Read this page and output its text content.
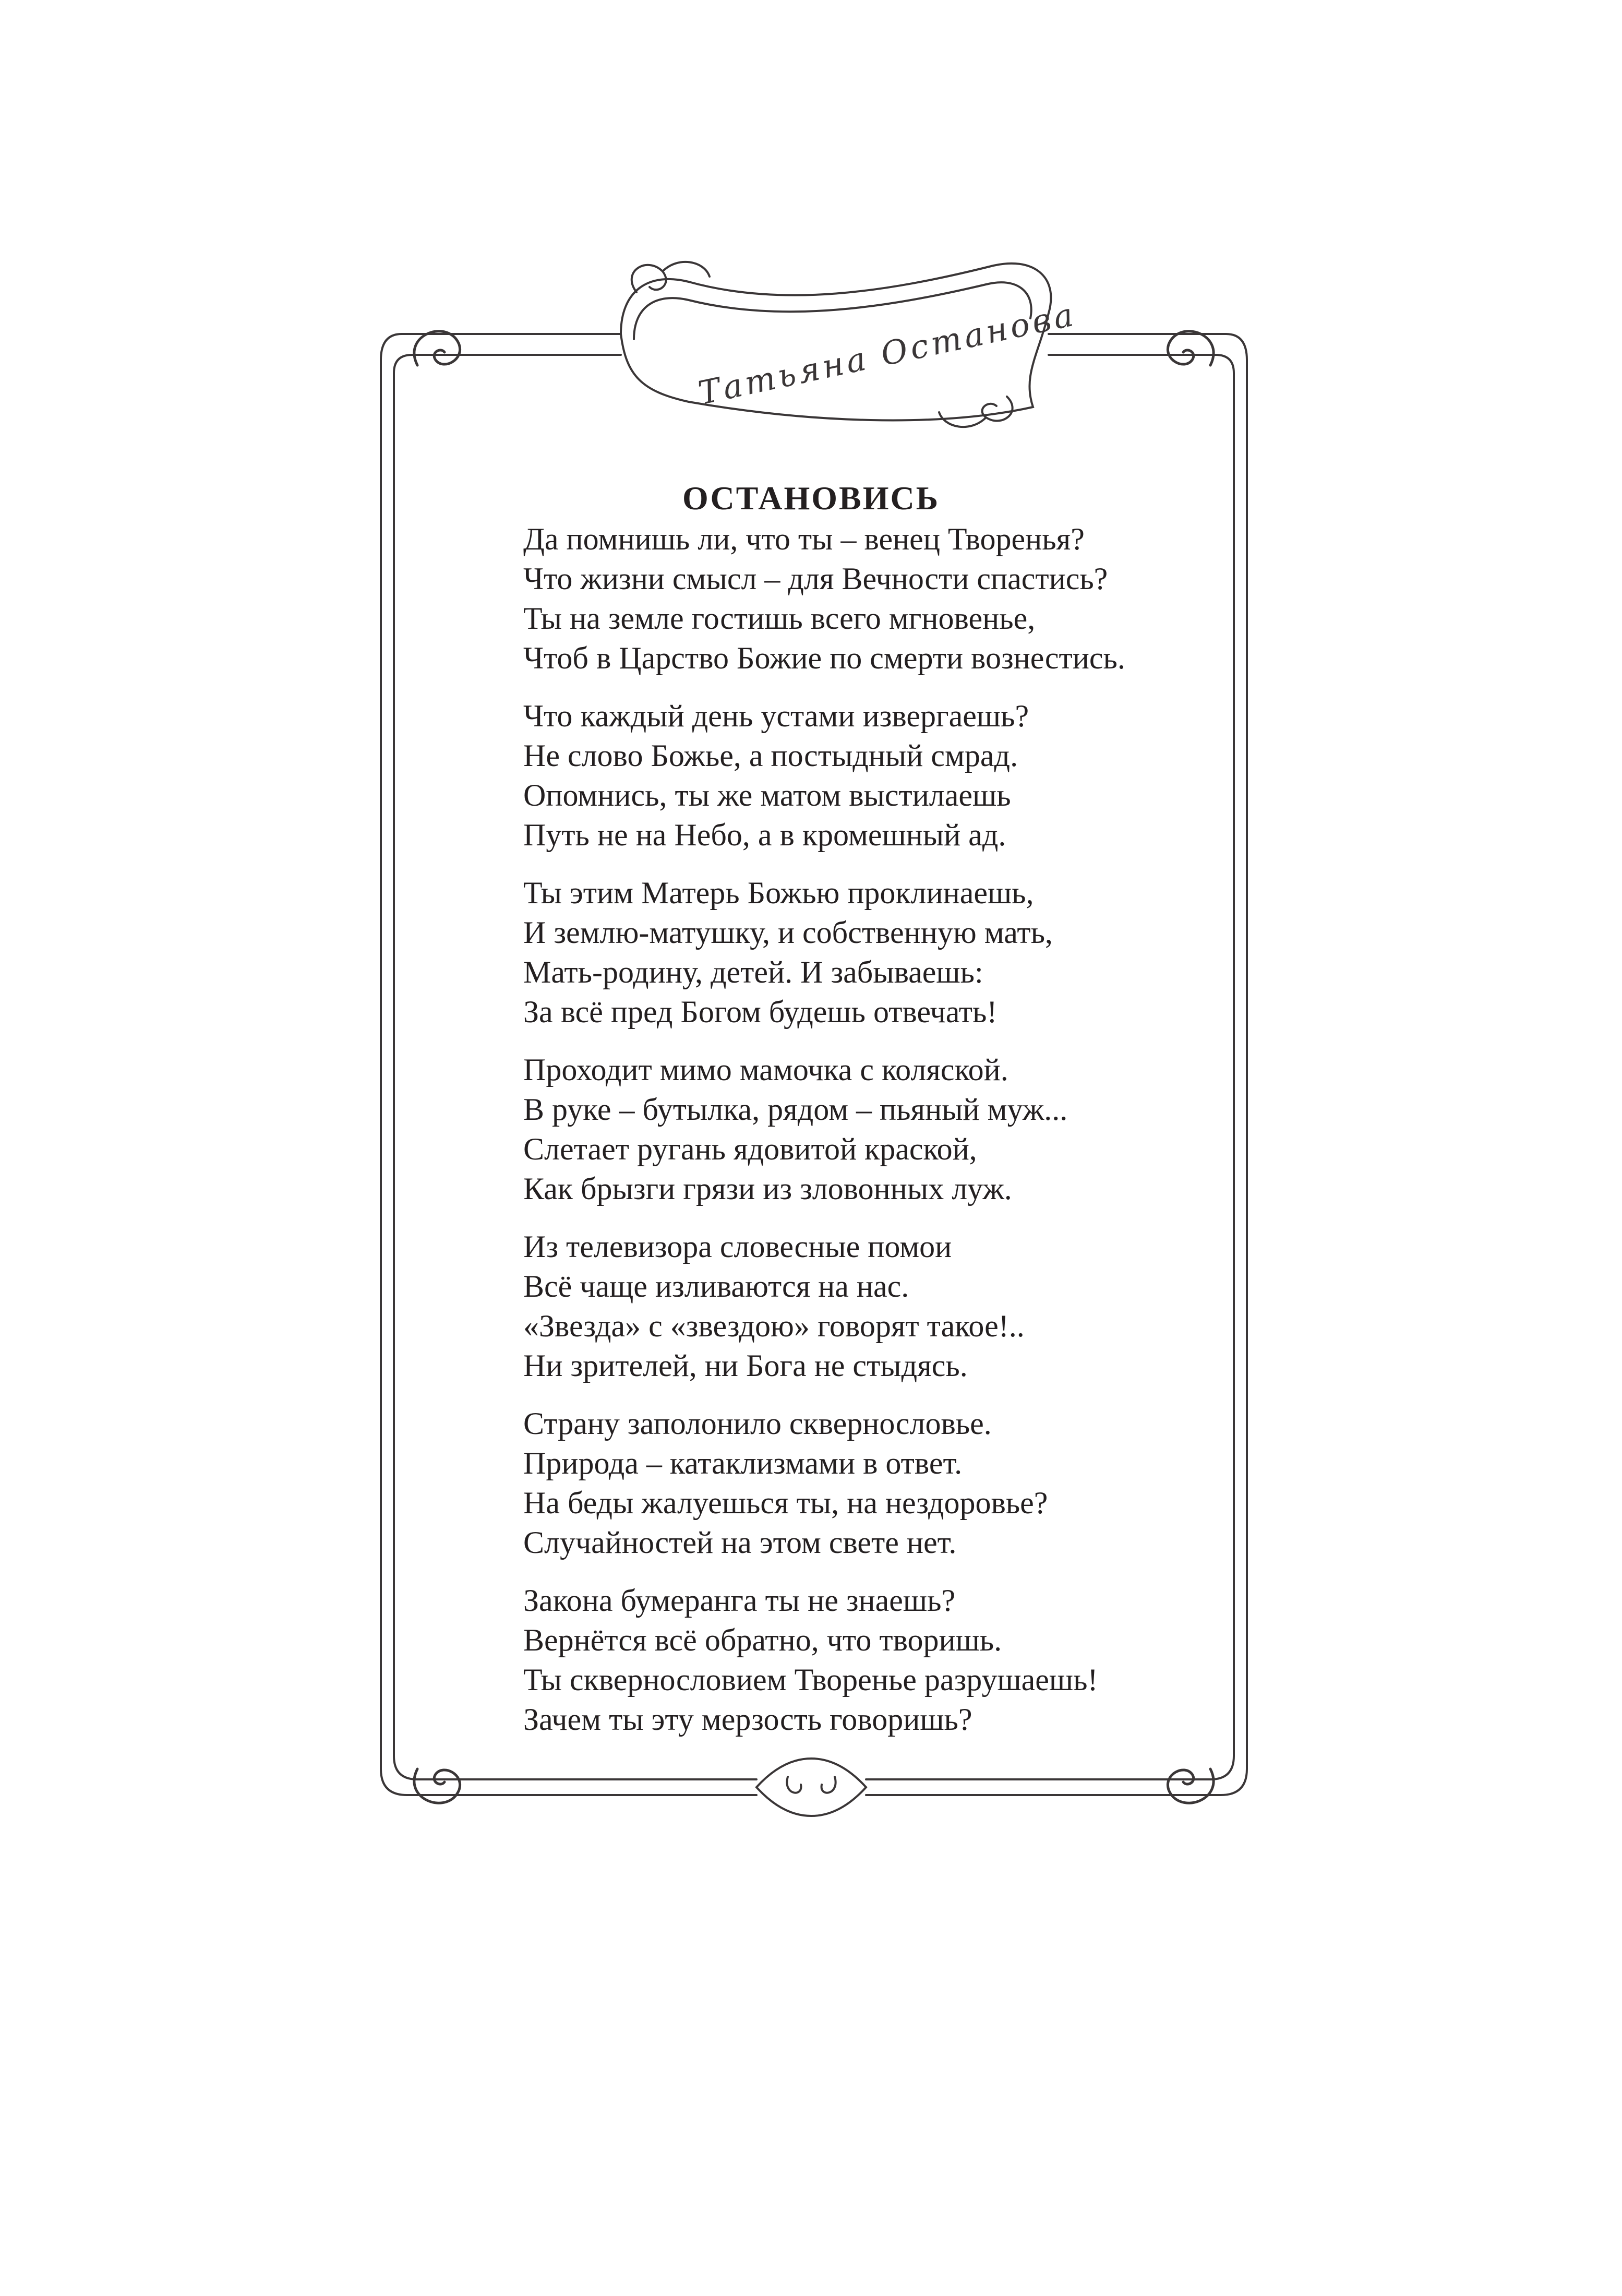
Татьяна Останова
ОСТАНОВИСЬ
Да помнишь ли, что ты – венец Творенья?
Что жизни смысл – для Вечности спастись?
Ты на земле гостишь всего мгновенье,
Чтоб в Царство Божие по смерти вознестись.
Что каждый день устами извергаешь?
Не слово Божье, а постыдный смрад.
Опомнись, ты же матом выстилаешь
Путь не на Небо, а в кромешный ад.
Ты этим Матерь Божью проклинаешь,
И землю-матушку, и собственную мать,
Мать-родину, детей. И забываешь:
За всё пред Богом будешь отвечать!
Проходит мимо мамочка с коляской.
В руке – бутылка, рядом – пьяный муж...
Слетает ругань ядовитой краской,
Как брызги грязи из зловонных луж.
Из телевизора словесные помои
Всё чаще изливаются на нас.
«Звезда» с «звездою» говорят такое!..
Ни зрителей, ни Бога не стыдясь.
Страну заполонило сквернословье.
Природа – катаклизмами в ответ.
На беды жалуешься ты, на нездоровье?
Случайностей на этом свете нет.
Закона бумеранга ты не знаешь?
Вернётся всё обратно, что творишь.
Ты сквернословием Творенье разрушаешь!
Зачем ты эту мерзость говоришь?
